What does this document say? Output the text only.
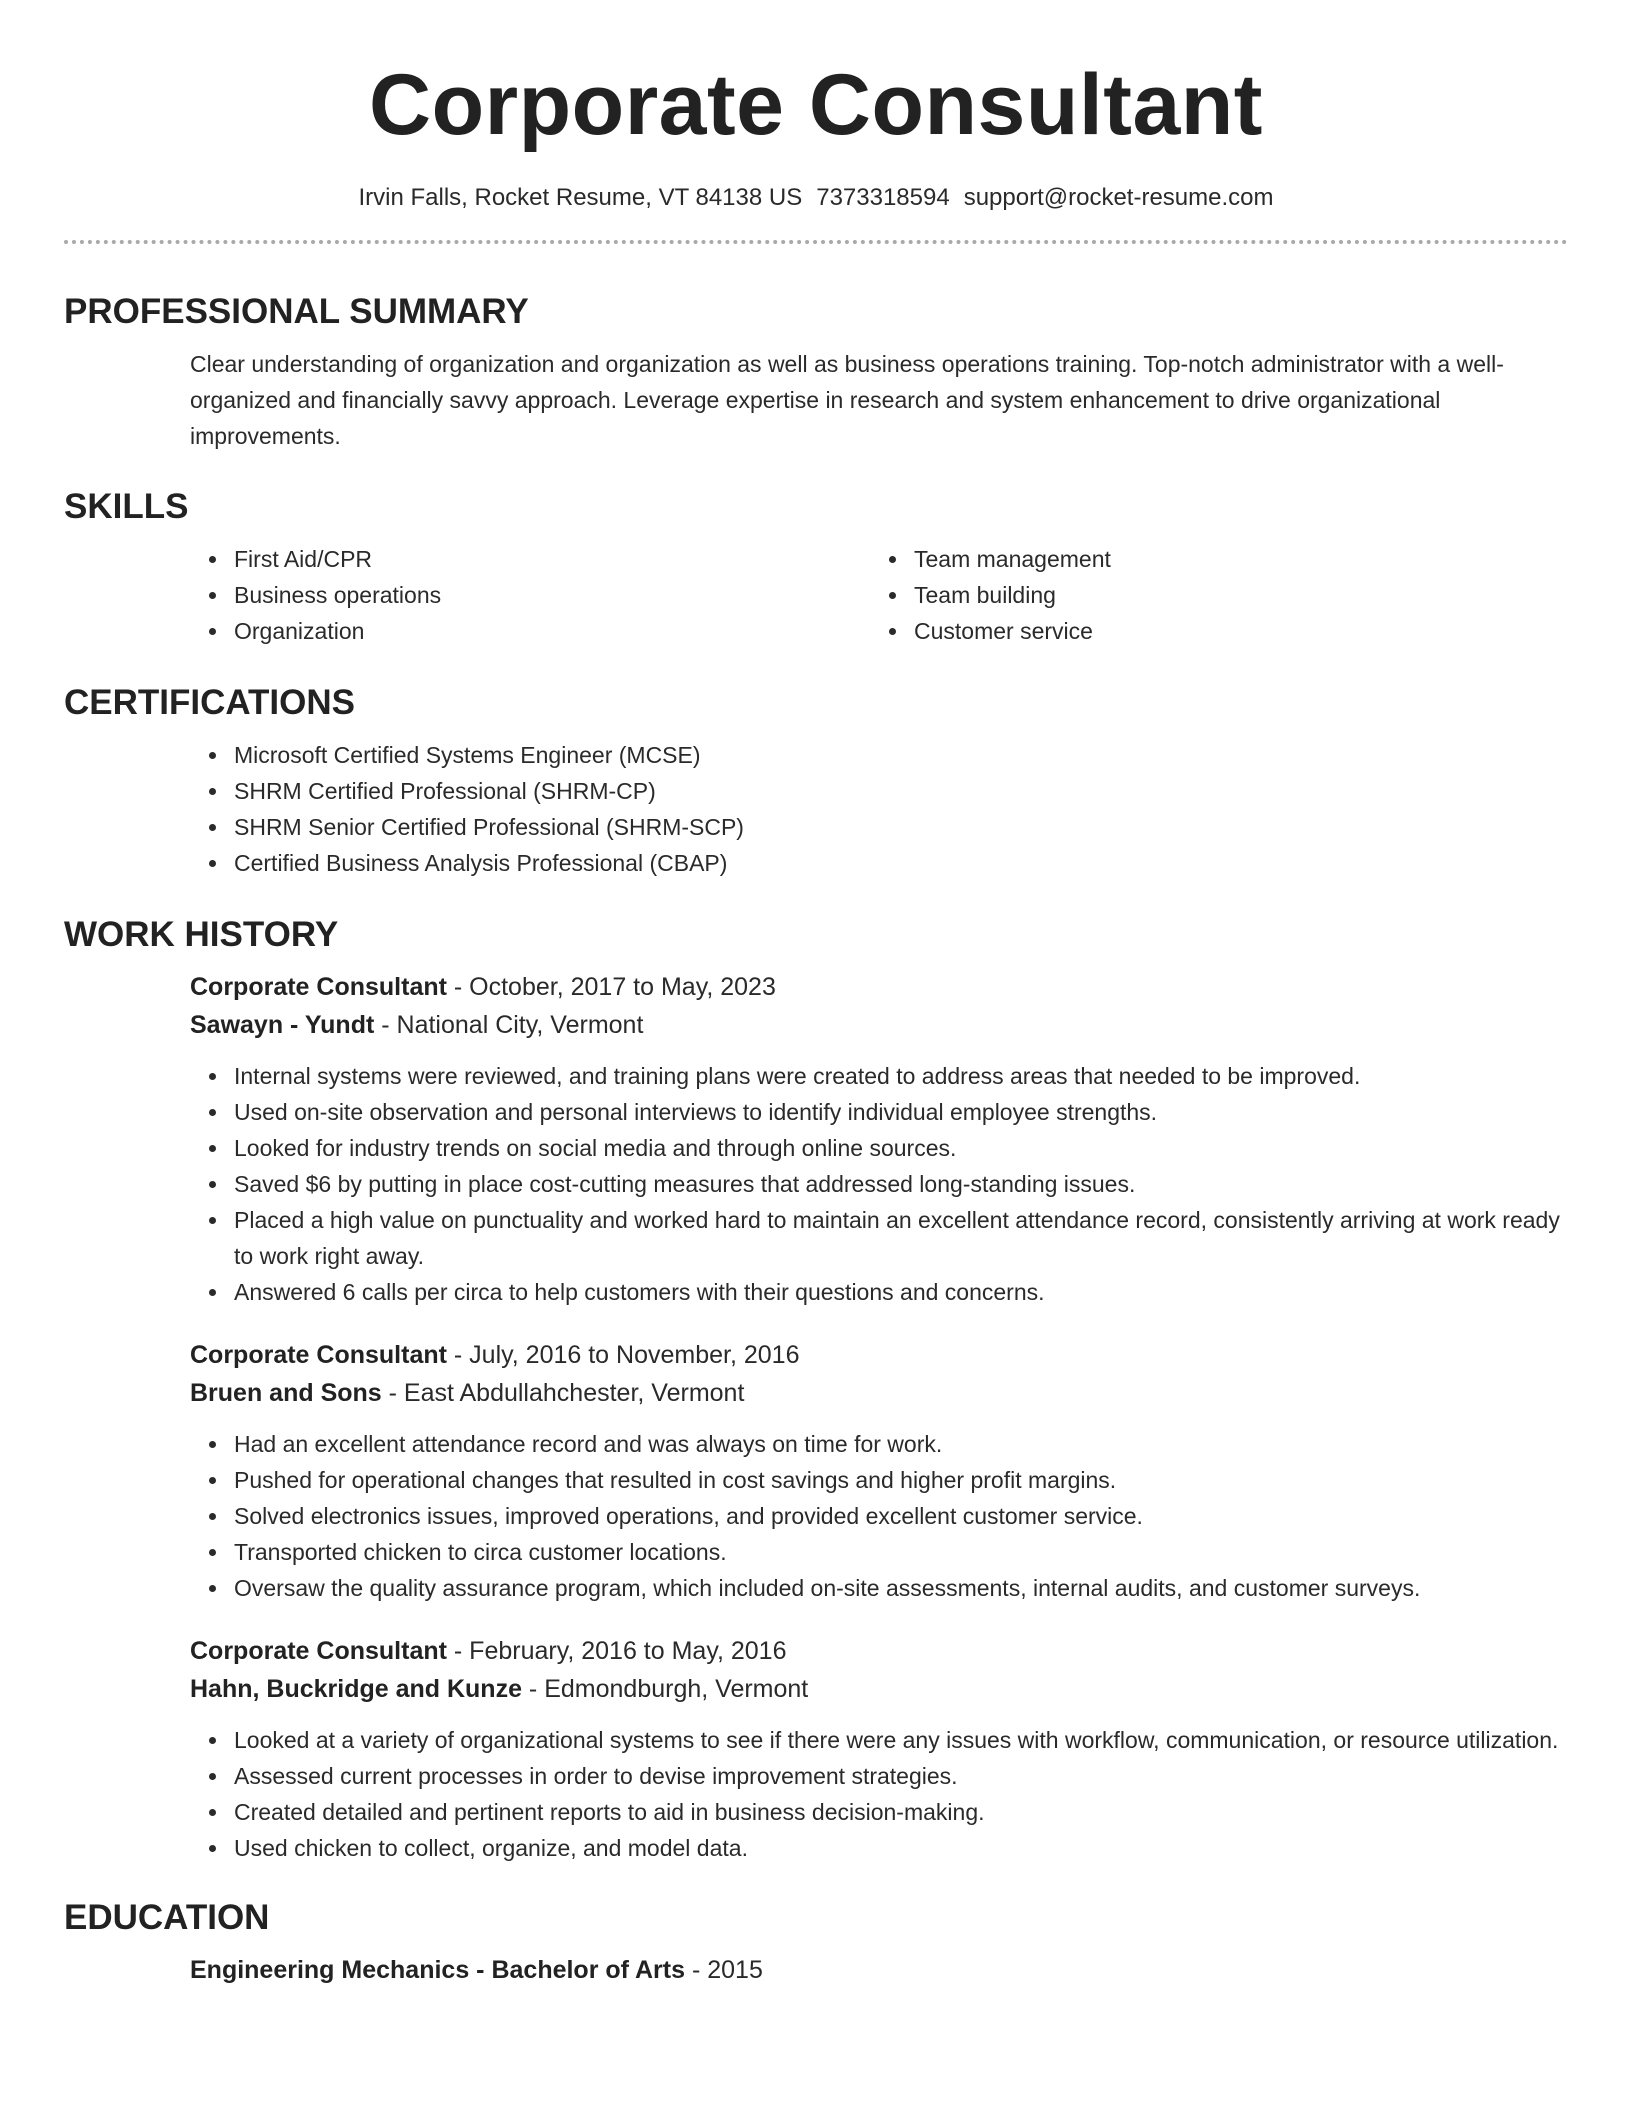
Corporate Consultant
Irvin Falls, Rocket Resume, VT 84138 US 7373318594 support@rocket-resume.com
PROFESSIONAL SUMMARY
Clear understanding of organization and organization as well as business operations training. Top-notch administrator with a well-organized and financially savvy approach. Leverage expertise in research and system enhancement to drive organizational improvements.
SKILLS
First Aid/CPR
Business operations
Organization
Team management
Team building
Customer service
CERTIFICATIONS
Microsoft Certified Systems Engineer (MCSE)
SHRM Certified Professional (SHRM-CP)
SHRM Senior Certified Professional (SHRM-SCP)
Certified Business Analysis Professional (CBAP)
WORK HISTORY
Corporate Consultant - October, 2017 to May, 2023
Sawayn - Yundt - National City, Vermont
Internal systems were reviewed, and training plans were created to address areas that needed to be improved.
Used on-site observation and personal interviews to identify individual employee strengths.
Looked for industry trends on social media and through online sources.
Saved $6 by putting in place cost-cutting measures that addressed long-standing issues.
Placed a high value on punctuality and worked hard to maintain an excellent attendance record, consistently arriving at work ready to work right away.
Answered 6 calls per circa to help customers with their questions and concerns.
Corporate Consultant - July, 2016 to November, 2016
Bruen and Sons - East Abdullahchester, Vermont
Had an excellent attendance record and was always on time for work.
Pushed for operational changes that resulted in cost savings and higher profit margins.
Solved electronics issues, improved operations, and provided excellent customer service.
Transported chicken to circa customer locations.
Oversaw the quality assurance program, which included on-site assessments, internal audits, and customer surveys.
Corporate Consultant - February, 2016 to May, 2016
Hahn, Buckridge and Kunze - Edmondburgh, Vermont
Looked at a variety of organizational systems to see if there were any issues with workflow, communication, or resource utilization.
Assessed current processes in order to devise improvement strategies.
Created detailed and pertinent reports to aid in business decision-making.
Used chicken to collect, organize, and model data.
EDUCATION
Engineering Mechanics - Bachelor of Arts - 2015
